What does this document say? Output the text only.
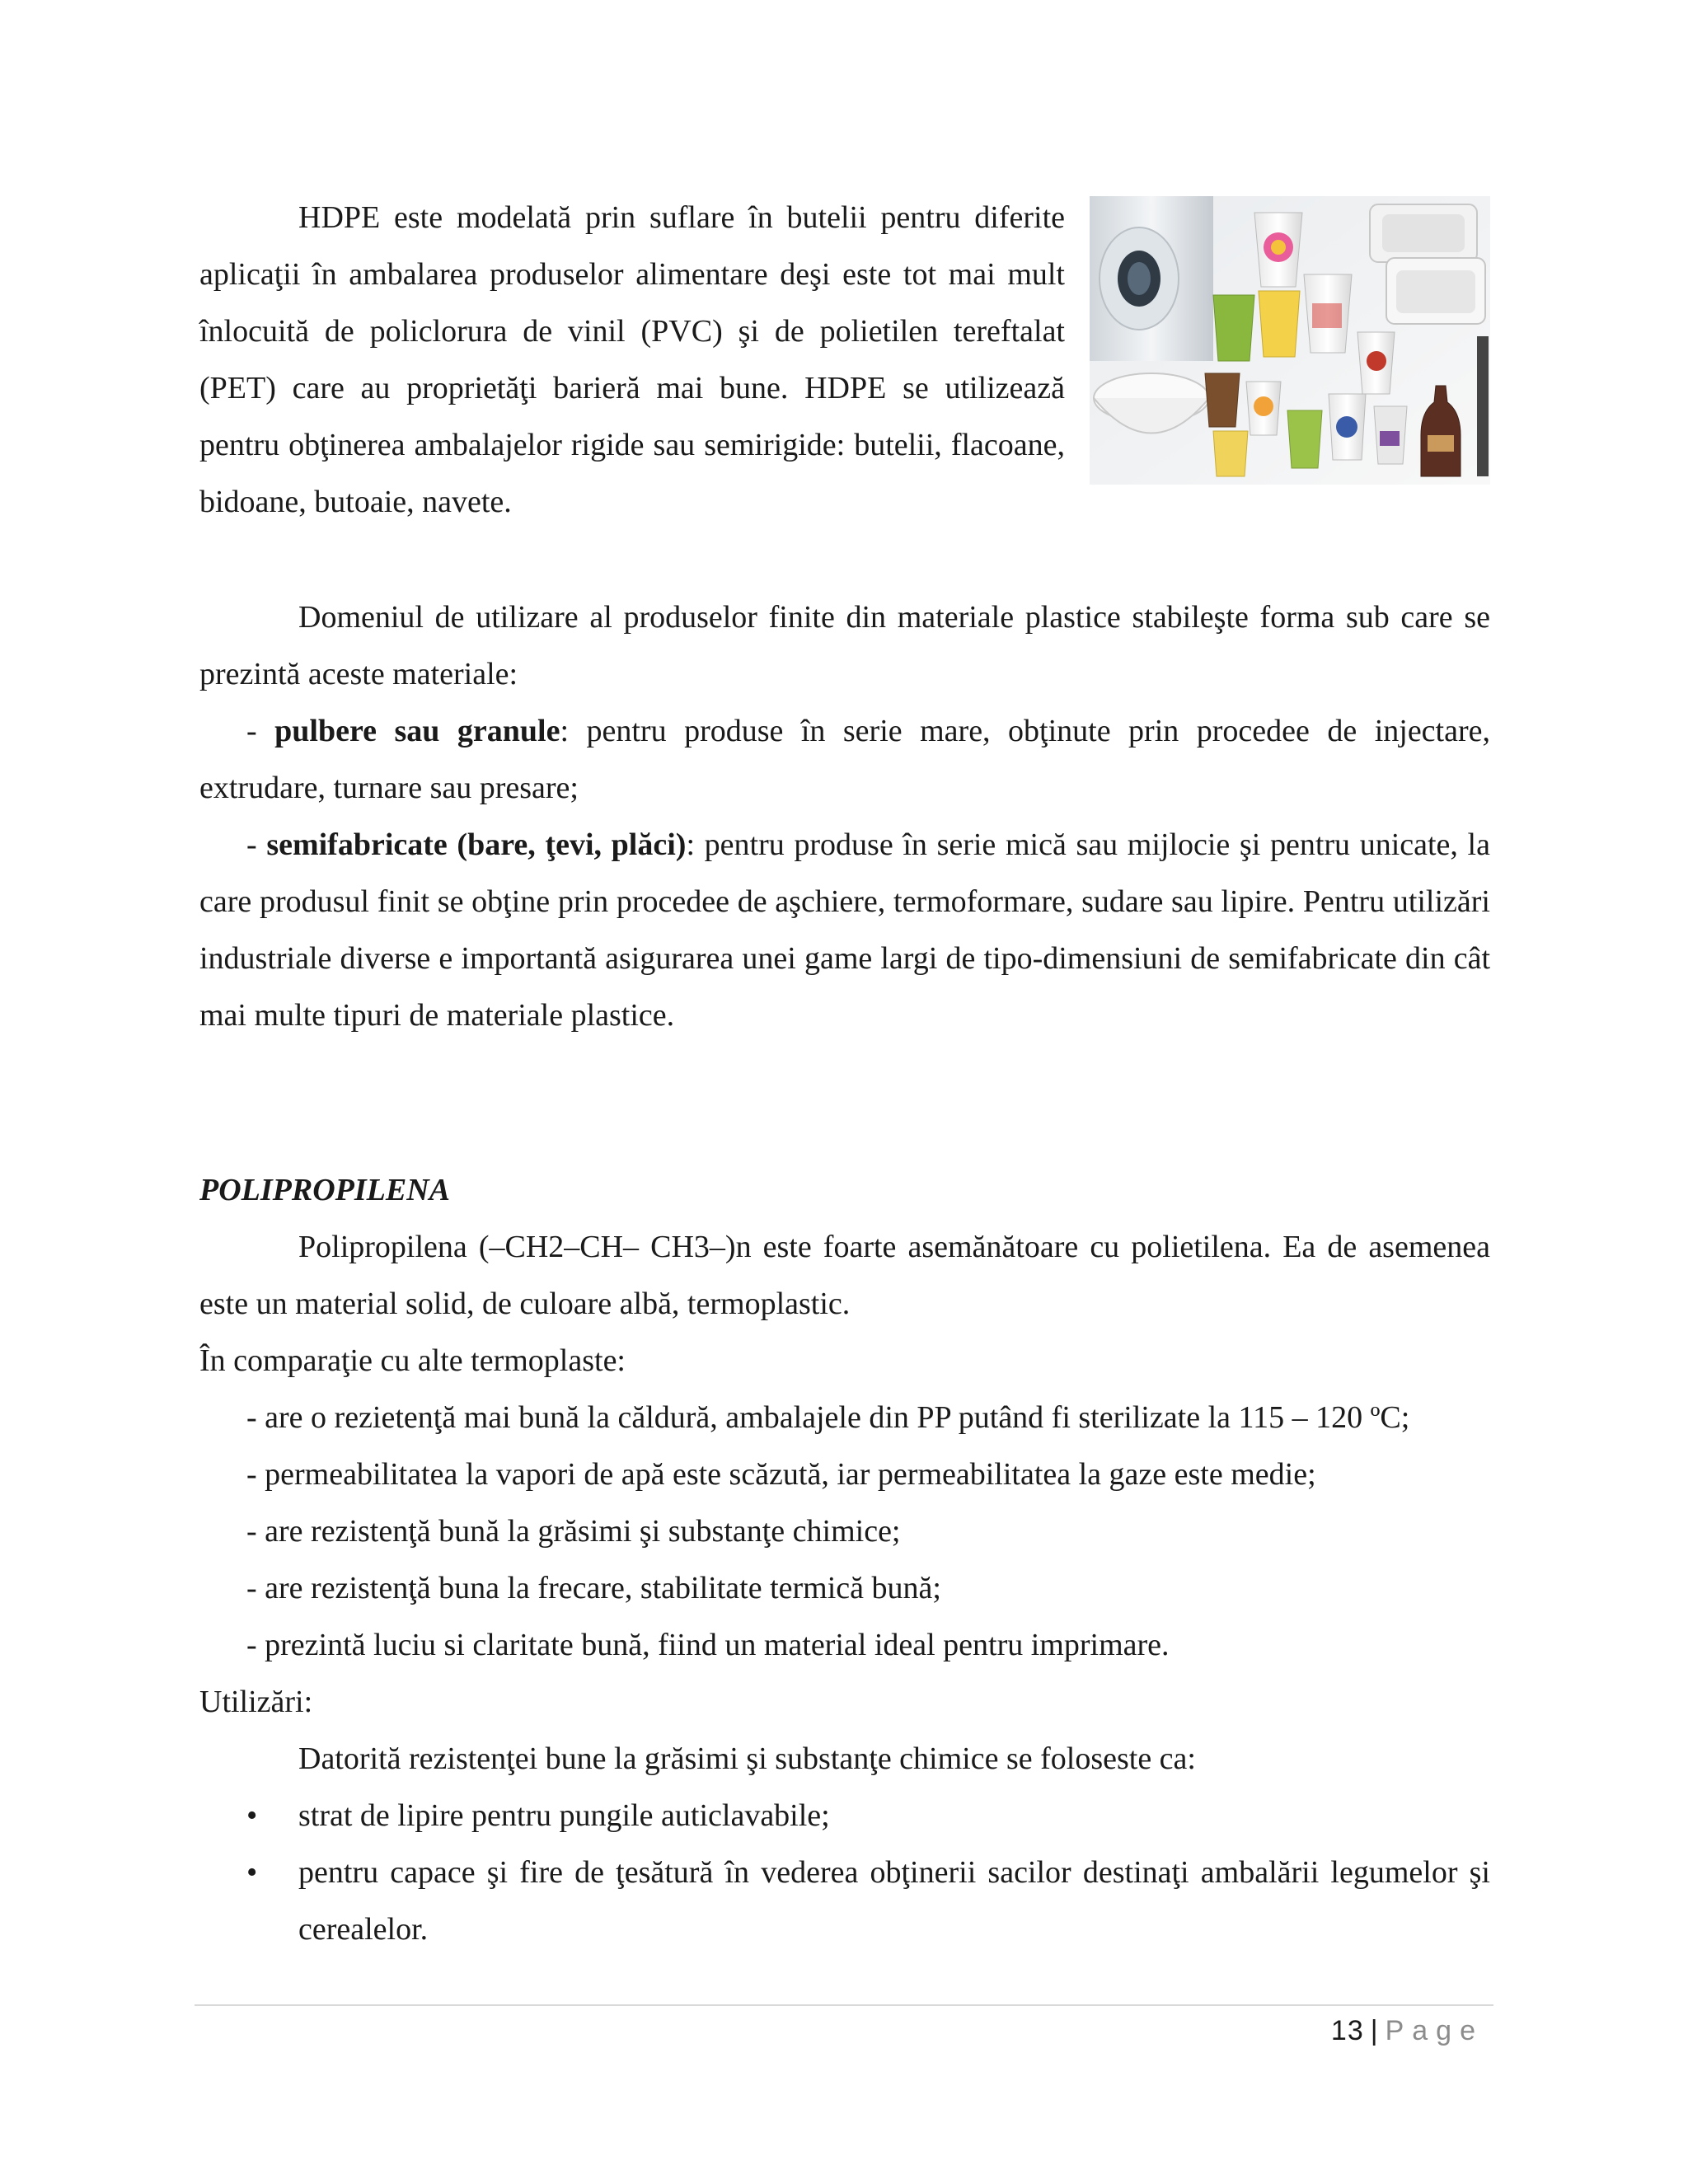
HDPE este modelată prin suflare în butelii pentru diferite aplicaţii în ambalarea produselor alimentare deşi este tot mai mult înlocuită de policlorura de vinil (PVC) şi de polietilen tereftalat (PET) care au proprietăţi barieră mai bune. HDPE se utilizează pentru obţinerea ambalajelor rigide sau semirigide: butelii, flacoane, bidoane, butoaie, navete.
Domeniul de utilizare al produselor finite din materiale plastice stabileşte forma sub care se prezintă aceste materiale:
- pulbere sau granule: pentru produse în serie mare, obţinute prin procedee de injectare, extrudare, turnare sau presare;
- semifabricate (bare, ţevi, plăci): pentru produse în serie mică sau mijlocie şi pentru unicate, la care produsul finit se obţine prin procedee de aşchiere, termoformare, sudare sau lipire. Pentru utilizări industriale diverse e importantă asigurarea unei game largi de tipo-dimensiuni de semifabricate din cât mai multe tipuri de materiale plastice.
POLIPROPILENA
Polipropilena (–CH2–CH– CH3–)n este foarte asemănătoare cu polietilena. Ea de asemenea este un material solid, de culoare albă, termoplastic.
În comparaţie cu alte termoplaste:
- are o rezietenţă mai bună la căldură, ambalajele din PP putând fi sterilizate la 115 – 120 ºC;
- permeabilitatea la vapori de apă este scăzută, iar permeabilitatea la gaze este medie;
- are rezistenţă bună la grăsimi şi substanţe chimice;
- are rezistenţă buna la frecare, stabilitate termică bună;
- prezintă luciu si claritate bună, fiind un material ideal pentru imprimare.
Utilizări:
Datorită rezistenţei bune la grăsimi şi substanţe chimice se foloseste ca:
• strat de lipire pentru pungile auticlavabile;
• pentru capace şi fire de ţesătură în vederea obţinerii sacilor destinaţi ambalării legumelor şi cerealelor.
13 | Page
